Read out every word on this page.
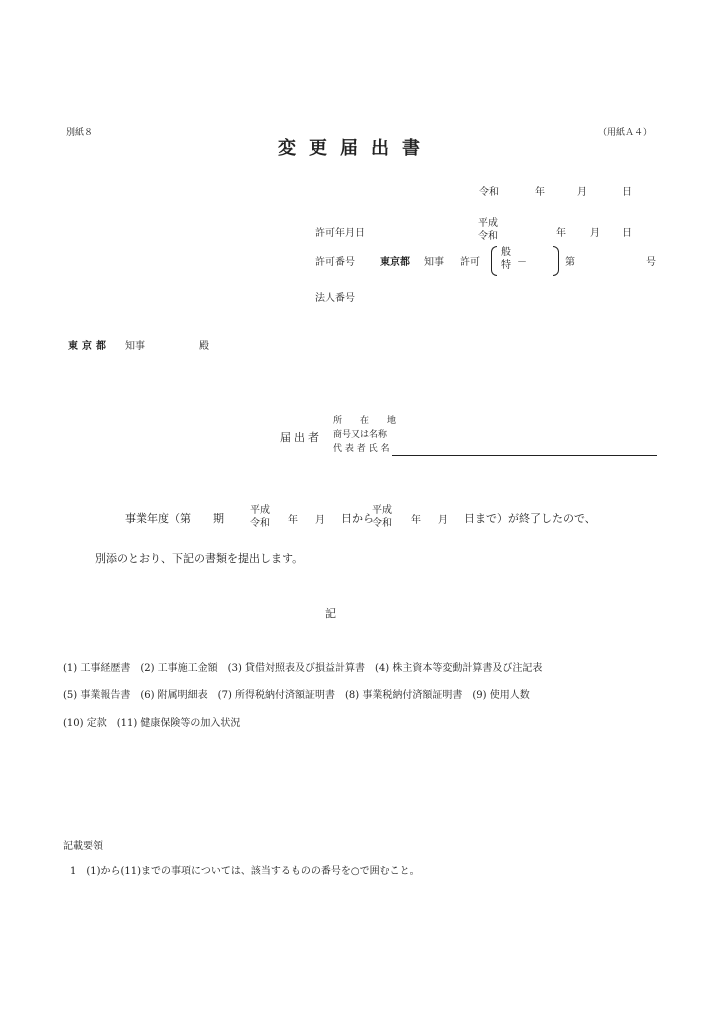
別紙８	（用紙Ａ４）
変更届出書
令和	年	月	日
許可年月日
平成
令和	年 月 日
許可番号	東京都 知事 許可
般
特 －	第	号
法人番号
東京都 知事	殿
届出者
所　　在　　地
商号又は名称
代 表 者 氏 名
事業年度（第　　期
平成
令和 年 月 日から
平成
令和 年 月 日まで）が終了したので、
別添のとおり、下記の書類を提出します。
記
(1) 工事経歴書　(2) 工事施工金額　(3) 貸借対照表及び損益計算書　(4) 株主資本等変動計算書及び注記表
(5) 事業報告書　(6) 附属明細表　(7) 所得税納付済額証明書　(8) 事業税納付済額証明書　(9) 使用人数
(10) 定款　(11) 健康保険等の加入状況
記載要領
1　(1)から(11)までの事項については、該当するものの番号を○で囲むこと。
